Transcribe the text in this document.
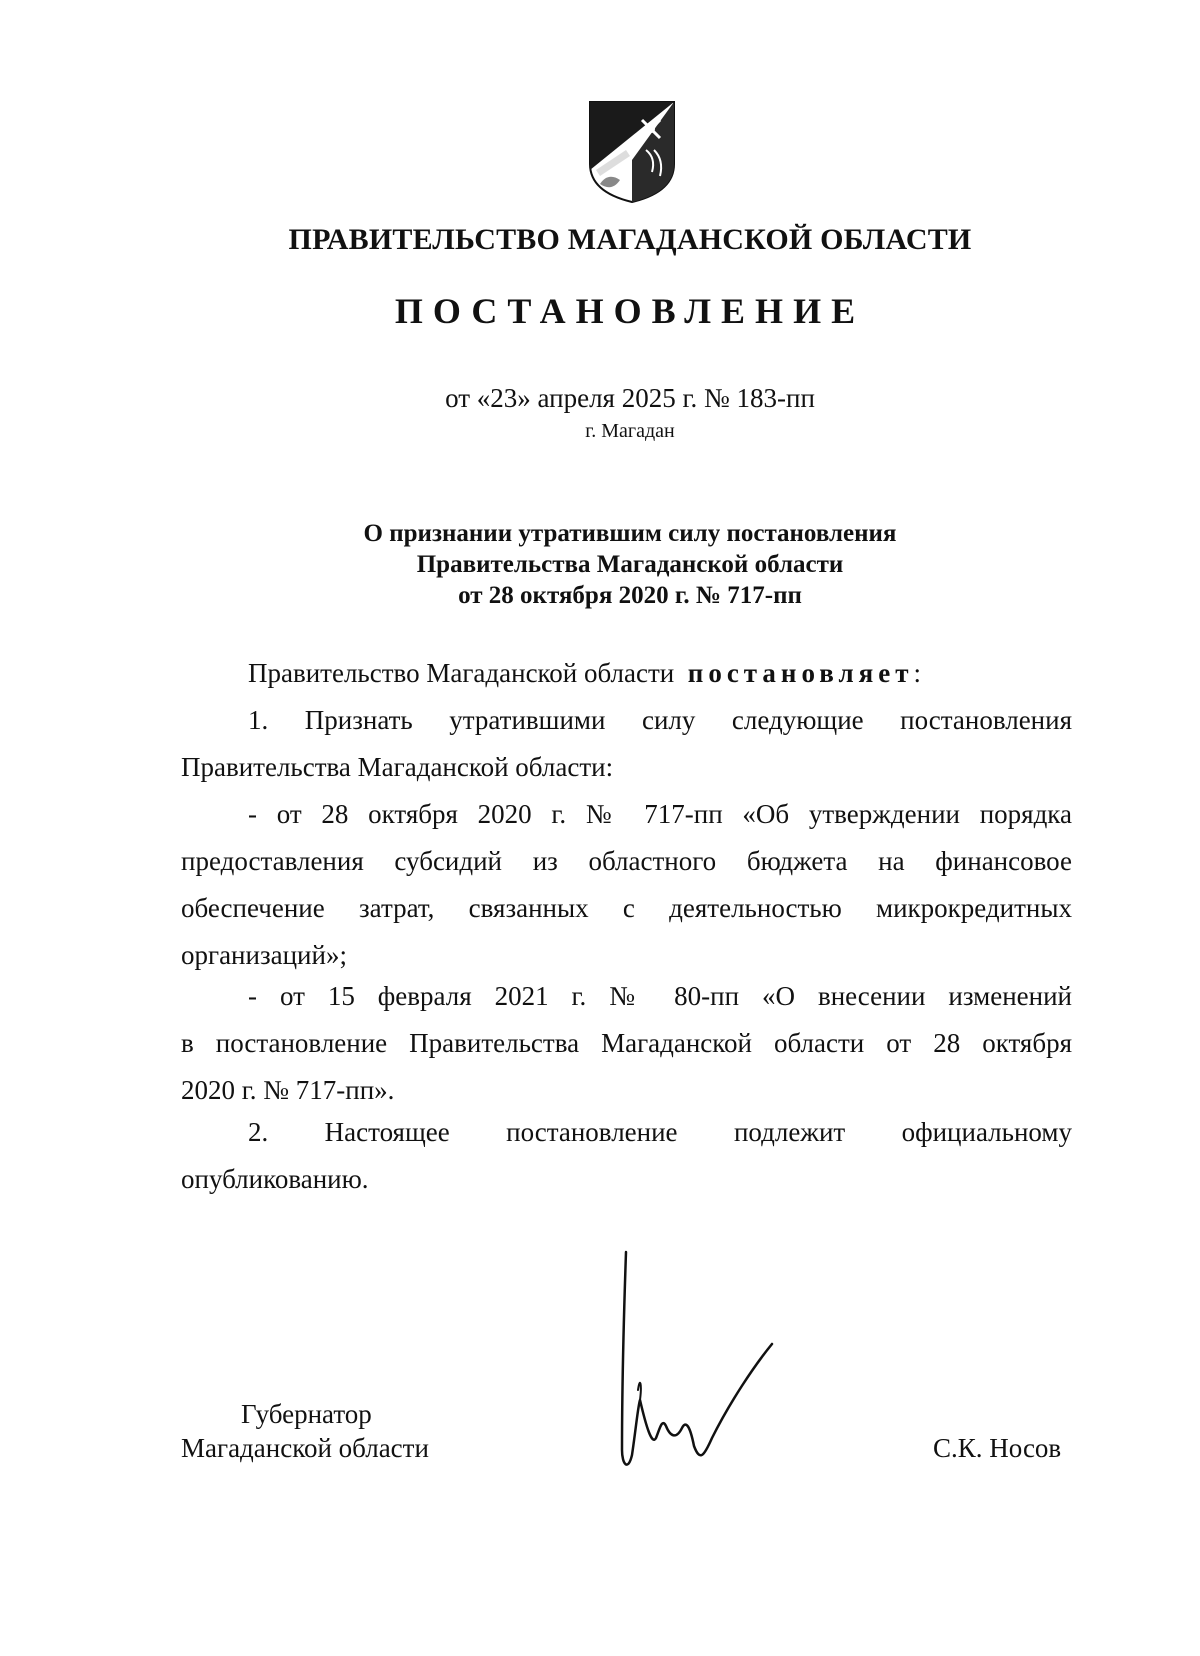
ПРАВИТЕЛЬСТВО МАГАДАНСКОЙ ОБЛАСТИ
ПОСТАНОВЛЕНИЕ
от «23» апреля 2025 г. № 183-пп
г. Магадан
О признании утратившим силу постановления
Правительства Магаданской области
от 28 октября 2020 г. № 717-пп

Правительство Магаданской области постановляет:

1. Признать утратившими силу следующие постановления

Правительства Магаданской области:

- от 28 октября 2020 г. № 717-пп «Об утверждении порядка

предоставления субсидий из областного бюджета на финансовое

обеспечение затрат, связанных с деятельностью микрокредитных

организаций»;

- от 15 февраля 2021 г. № 80-пп «О внесении изменений

в постановление Правительства Магаданской области от 28 октября

2020 г. № 717-пп».

2. Настоящее постановление подлежит официальному

опубликованию.

Губернатор
Магаданской области	С.К. Носов
